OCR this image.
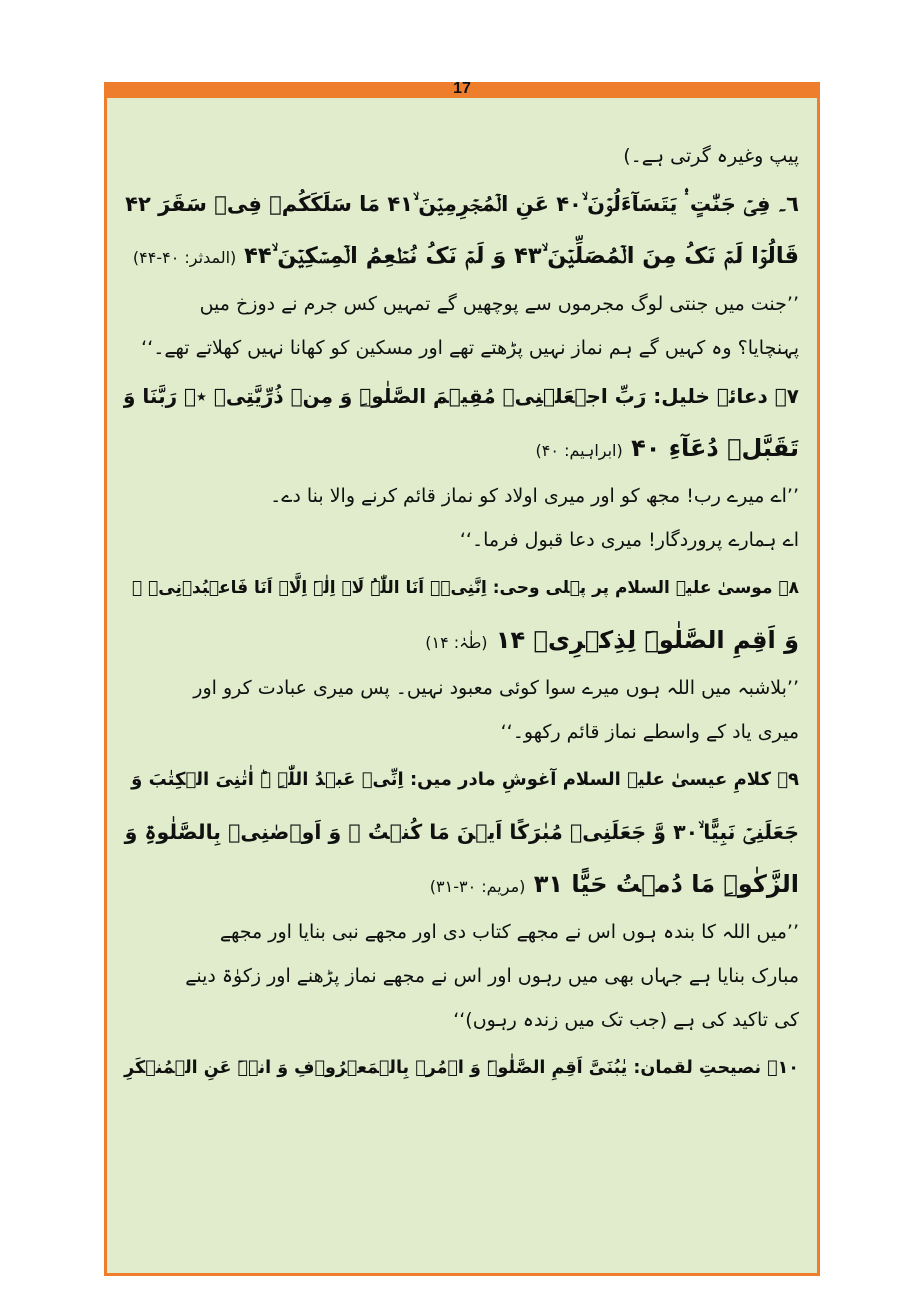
17
پیپ وغیرہ گرتی ہے۔)
٦۔ فِیۡ جَنّٰتٍ ۛ۟ یَتَسَآءَلُوۡنَ ۙ۴۰ عَنِ الۡمُجۡرِمِیۡنَ ۙ۴۱ مَا سَلَکَکُمۡ فِیۡ سَقَرَ ۴۲
قَالُوۡا لَمۡ نَکُ مِنَ الۡمُصَلِّیۡنَ ۙ۴۳ وَ لَمۡ نَکُ نُطۡعِمُ الۡمِسۡکِیۡنَ ۙ۴۴ (المدثر: ۴۰-۴۴)
’’جنت میں جنتی لوگ مجرموں سے پوچھیں گے تمہیں کس جرم نے دوزخ میں
پہنچایا؟ وہ کہیں گے ہم نماز نہیں پڑھتے تھے اور مسکین کو کھانا نہیں کھلاتے تھے۔‘‘
٧۔ دعائے خلیل: رَبِّ اجۡعَلۡنِیۡ مُقِیۡمَ الصَّلٰوۃِ وَ مِنۡ ذُرِّیَّتِیۡ ٭ۖ رَبَّنَا وَ
تَقَبَّلۡ دُعَآءِ ۴۰ (ابراہیم: ۴۰)
’’اے میرے رب! مجھ کو اور میری اولاد کو نماز قائم کرنے والا بنا دے۔
اے ہمارے پروردگار! میری دعا قبول فرما۔‘‘
٨۔ موسیٰ علیہ السلام پر پہلی وحی: اِنَّنِیۡۤ اَنَا اللّٰہُ لَاۤ اِلٰہَ اِلَّاۤ اَنَا فَاعۡبُدۡنِیۡ ۙ
وَ اَقِمِ الصَّلٰوۃَ لِذِکۡرِیۡ ۱۴ (طٰہٰ: ۱۴)
’’بلاشبہ میں اللہ ہوں میرے سوا کوئی معبود نہیں۔ پس میری عبادت کرو اور
میری یاد کے واسطے نماز قائم رکھو۔‘‘
٩۔ کلامِ عیسیٰ علیہ السلام آغوشِ مادر میں: اِنِّیۡ عَبۡدُ اللّٰہِ ۟ؕ اٰتٰنِیَ الۡکِتٰبَ وَ
جَعَلَنِیۡ نَبِیًّا ۙ۳۰ وَّ جَعَلَنِیۡ مُبٰرَکًا اَیۡنَ مَا کُنۡتُ ۪ وَ اَوۡصٰنِیۡ بِالصَّلٰوۃِ وَ
الزَّکٰوۃِ مَا دُمۡتُ حَیًّا ۳۱ (مریم: ۳۰-۳۱)
’’میں اللہ کا بندہ ہوں اس نے مجھے کتاب دی اور مجھے نبی بنایا اور مجھے
مبارک بنایا ہے جہاں بھی میں رہوں اور اس نے مجھے نماز پڑھنے اور زکوٰۃ دینے
کی تاکید کی ہے (جب تک میں زندہ رہوں)‘‘
١٠۔ نصیحتِ لقمان: یٰبُنَیَّ اَقِمِ الصَّلٰوۃَ وَ اۡمُرۡ بِالۡمَعۡرُوۡفِ وَ انۡہَ عَنِ الۡمُنۡکَرِ
